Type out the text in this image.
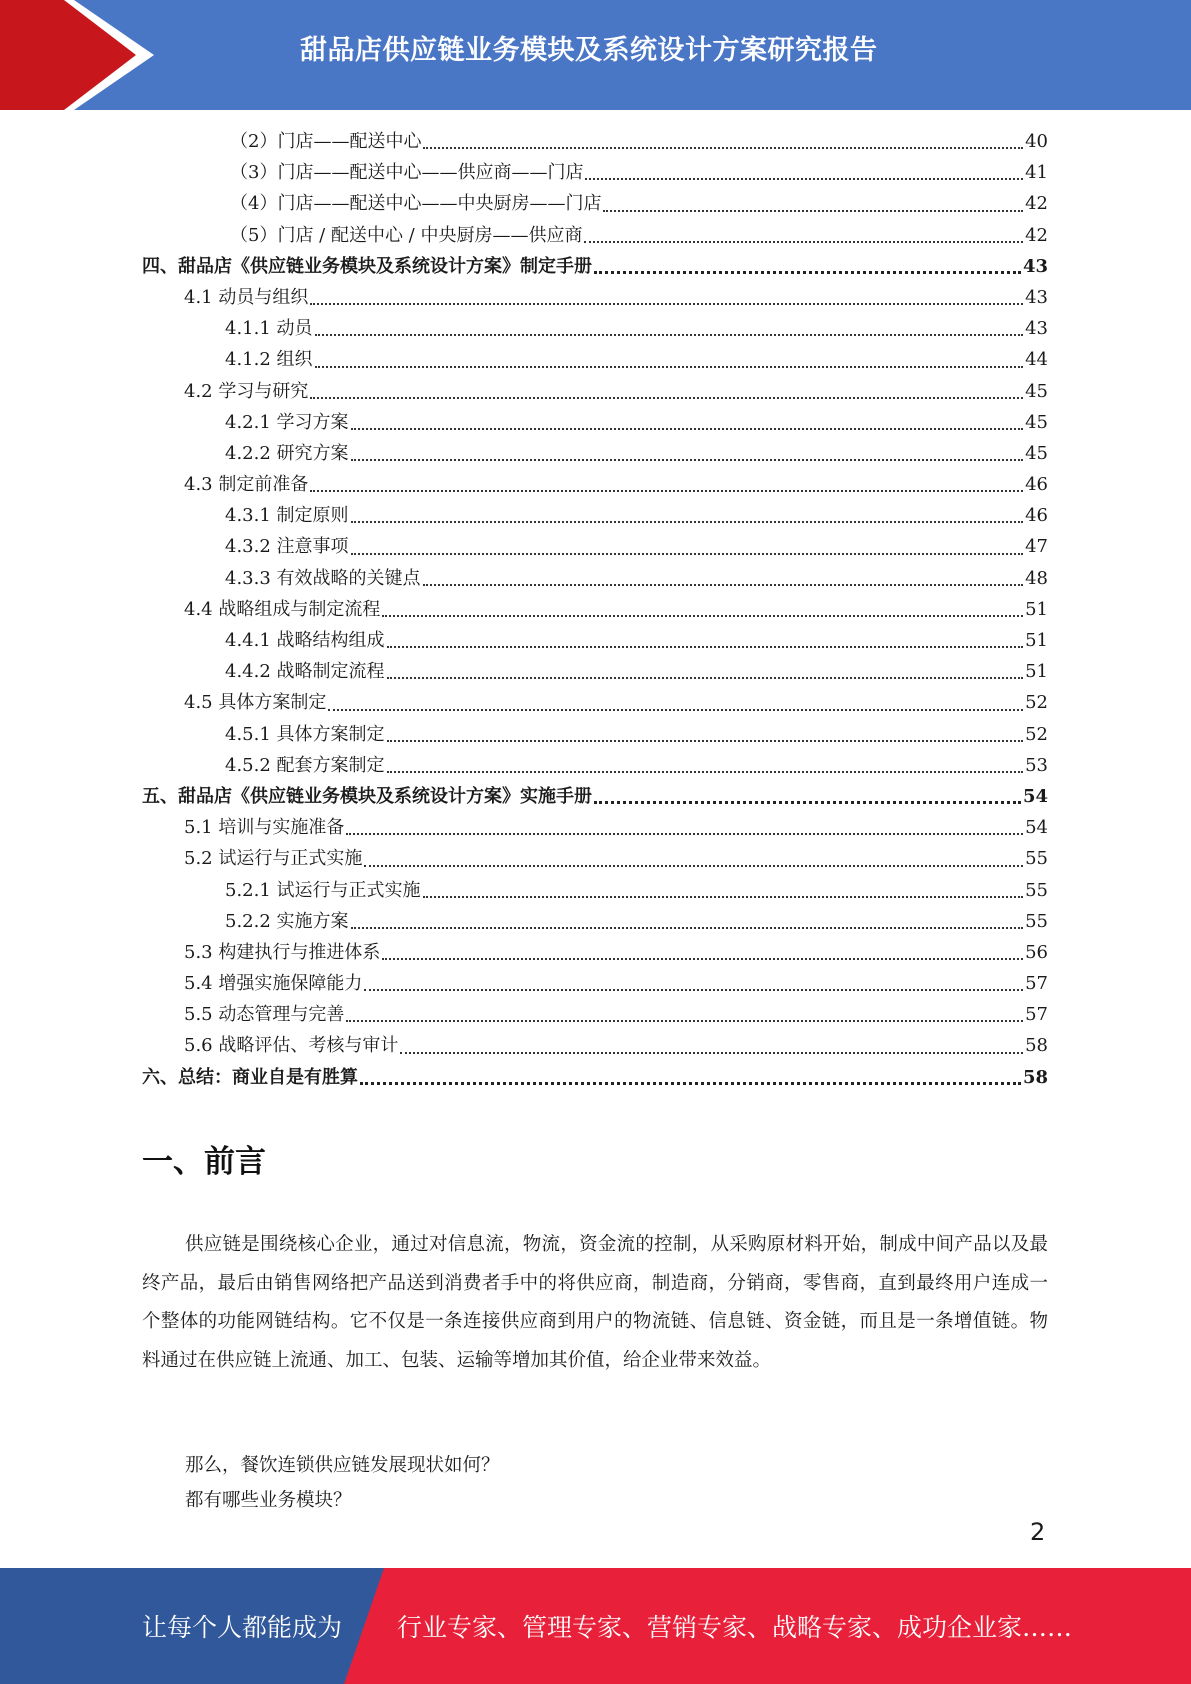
甜品店供应链业务模块及系统设计方案研究报告
（2）门店——配送中心	40
（3）门店——配送中心——供应商——门店	41
（4）门店——配送中心——中央厨房——门店	42
（5）门店 / 配送中心 / 中央厨房——供应商	42
四、甜品店《供应链业务模块及系统设计方案》制定手册	43
4.1 动员与组织	43
4.1.1 动员	43
4.1.2 组织	44
4.2 学习与研究	45
4.2.1 学习方案	45
4.2.2 研究方案	45
4.3 制定前准备	46
4.3.1 制定原则	46
4.3.2 注意事项	47
4.3.3 有效战略的关键点	48
4.4 战略组成与制定流程	51
4.4.1 战略结构组成	51
4.4.2 战略制定流程	51
4.5 具体方案制定	52
4.5.1 具体方案制定	52
4.5.2 配套方案制定	53
五、甜品店《供应链业务模块及系统设计方案》实施手册	54
5.1 培训与实施准备	54
5.2 试运行与正式实施	55
5.2.1 试运行与正式实施	55
5.2.2 实施方案	55
5.3 构建执行与推进体系	56
5.4 增强实施保障能力	57
5.5 动态管理与完善	57
5.6 战略评估、考核与审计	58
六、总结：商业自是有胜算	58
一、前言
供应链是围绕核心企业，通过对信息流，物流，资金流的控制，从采购原材料开始，制成中间产品以及最终产品，最后由销售网络把产品送到消费者手中的将供应商，制造商，分销商，零售商，直到最终用户连成一个整体的功能网链结构。它不仅是一条连接供应商到用户的物流链、信息链、资金链，而且是一条增值链。物料通过在供应链上流通、加工、包装、运输等增加其价值，给企业带来效益。
那么，餐饮连锁供应链发展现状如何？
都有哪些业务模块？
2
让每个人都能成为 行业专家、管理专家、营销专家、战略专家、成功企业家……
